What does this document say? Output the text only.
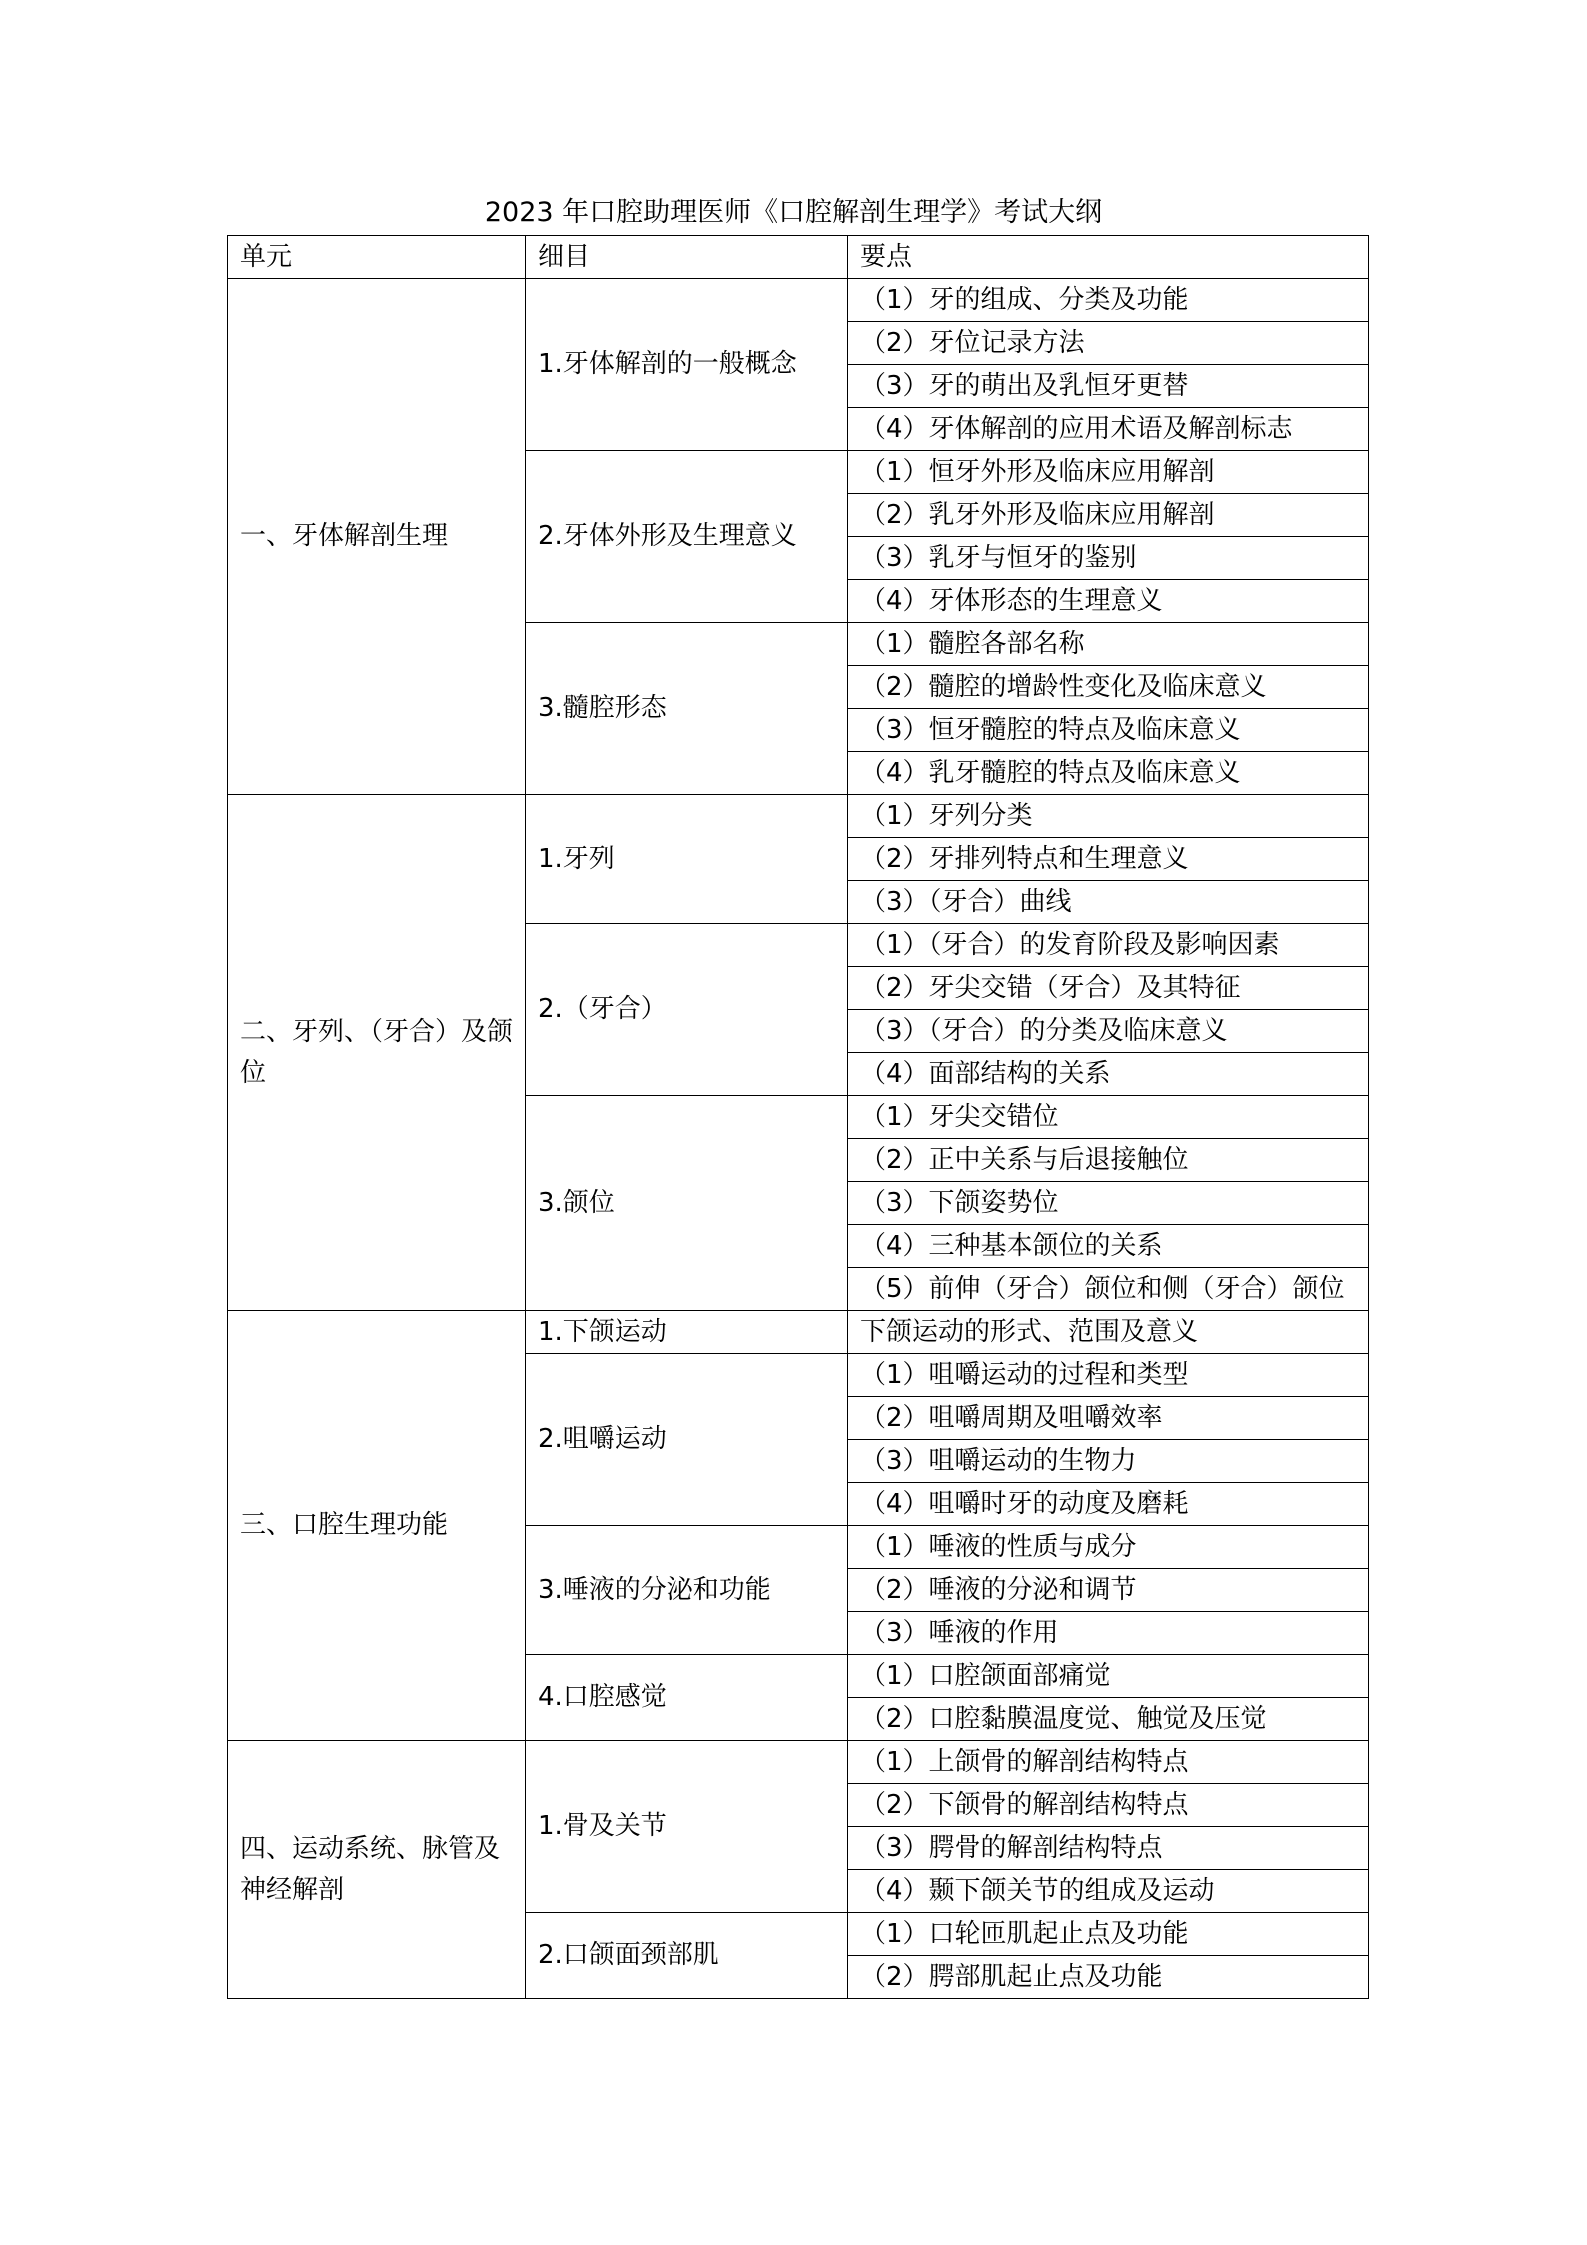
2023 年口腔助理医师《口腔解剖生理学》考试大纲
单元	细目	要点
一、牙体解剖生理	1.牙体解剖的一般概念	（1）牙的组成、分类及功能
		（2）牙位记录方法
		（3）牙的萌出及乳恒牙更替
		（4）牙体解剖的应用术语及解剖标志
	2.牙体外形及生理意义	（1）恒牙外形及临床应用解剖
		（2）乳牙外形及临床应用解剖
		（3）乳牙与恒牙的鉴别
		（4）牙体形态的生理意义
	3.髓腔形态	（1）髓腔各部名称
		（2）髓腔的增龄性变化及临床意义
		（3）恒牙髓腔的特点及临床意义
		（4）乳牙髓腔的特点及临床意义
二、牙列、（牙合）及颌位	1.牙列	（1）牙列分类
		（2）牙排列特点和生理意义
		（3）（牙合）曲线
	2.（牙合）	（1）（牙合）的发育阶段及影响因素
		（2）牙尖交错（牙合）及其特征
		（3）（牙合）的分类及临床意义
		（4）面部结构的关系
	3.颌位	（1）牙尖交错位
		（2）正中关系与后退接触位
		（3）下颌姿势位
		（4）三种基本颌位的关系
		（5）前伸（牙合）颌位和侧（牙合）颌位
三、口腔生理功能	1.下颌运动	下颌运动的形式、范围及意义
	2.咀嚼运动	（1）咀嚼运动的过程和类型
		（2）咀嚼周期及咀嚼效率
		（3）咀嚼运动的生物力
		（4）咀嚼时牙的动度及磨耗
	3.唾液的分泌和功能	（1）唾液的性质与成分
		（2）唾液的分泌和调节
		（3）唾液的作用
	4.口腔感觉	（1）口腔颌面部痛觉
		（2）口腔黏膜温度觉、触觉及压觉
四、运动系统、脉管及神经解剖	1.骨及关节	（1）上颌骨的解剖结构特点
		（2）下颌骨的解剖结构特点
		（3）腭骨的解剖结构特点
		（4）颞下颌关节的组成及运动
	2.口颌面颈部肌	（1）口轮匝肌起止点及功能
		（2）腭部肌起止点及功能
